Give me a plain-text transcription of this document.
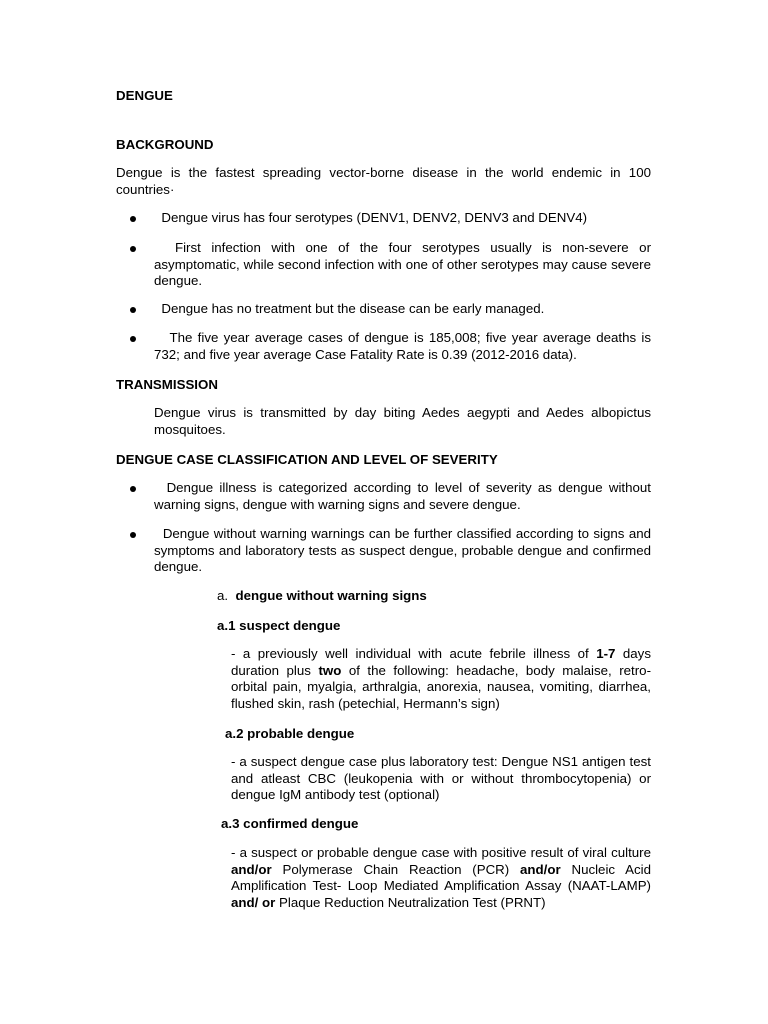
DENGUE
BACKGROUND
Dengue is the fastest spreading vector-borne disease in the world endemic in 100 countries·
Dengue virus has four serotypes (DENV1, DENV2, DENV3 and DENV4)
First infection with one of the four serotypes usually is non-severe or asymptomatic, while second infection with one of other serotypes may cause severe dengue.
Dengue has no treatment but the disease can be early managed.
The five year average cases of dengue is 185,008; five year average deaths is 732; and five year average Case Fatality Rate is 0.39 (2012-2016 data).
TRANSMISSION
Dengue virus is transmitted by day biting Aedes aegypti and Aedes albopictus mosquitoes.
DENGUE CASE CLASSIFICATION AND LEVEL OF SEVERITY
Dengue illness is categorized according to level of severity as dengue without warning signs, dengue with warning signs and severe dengue.
Dengue without warning warnings can be further classified according to signs and symptoms and laboratory tests as suspect dengue, probable dengue and confirmed dengue.
a. dengue without warning signs
a.1 suspect dengue
- a previously well individual with acute febrile illness of 1-7 days duration plus two of the following: headache, body malaise, retro-orbital pain, myalgia, arthralgia, anorexia, nausea, vomiting, diarrhea, flushed skin, rash (petechial, Hermann’s sign)
a.2 probable dengue
- a suspect dengue case plus laboratory test: Dengue NS1 antigen test and atleast CBC (leukopenia with or without thrombocytopenia) or dengue IgM antibody test (optional)
a.3 confirmed dengue
- a suspect or probable dengue case with positive result of viral culture and/or Polymerase Chain Reaction (PCR) and/or Nucleic Acid Amplification Test- Loop Mediated Amplification Assay (NAAT-LAMP) and/ or Plaque Reduction Neutralization Test (PRNT)
